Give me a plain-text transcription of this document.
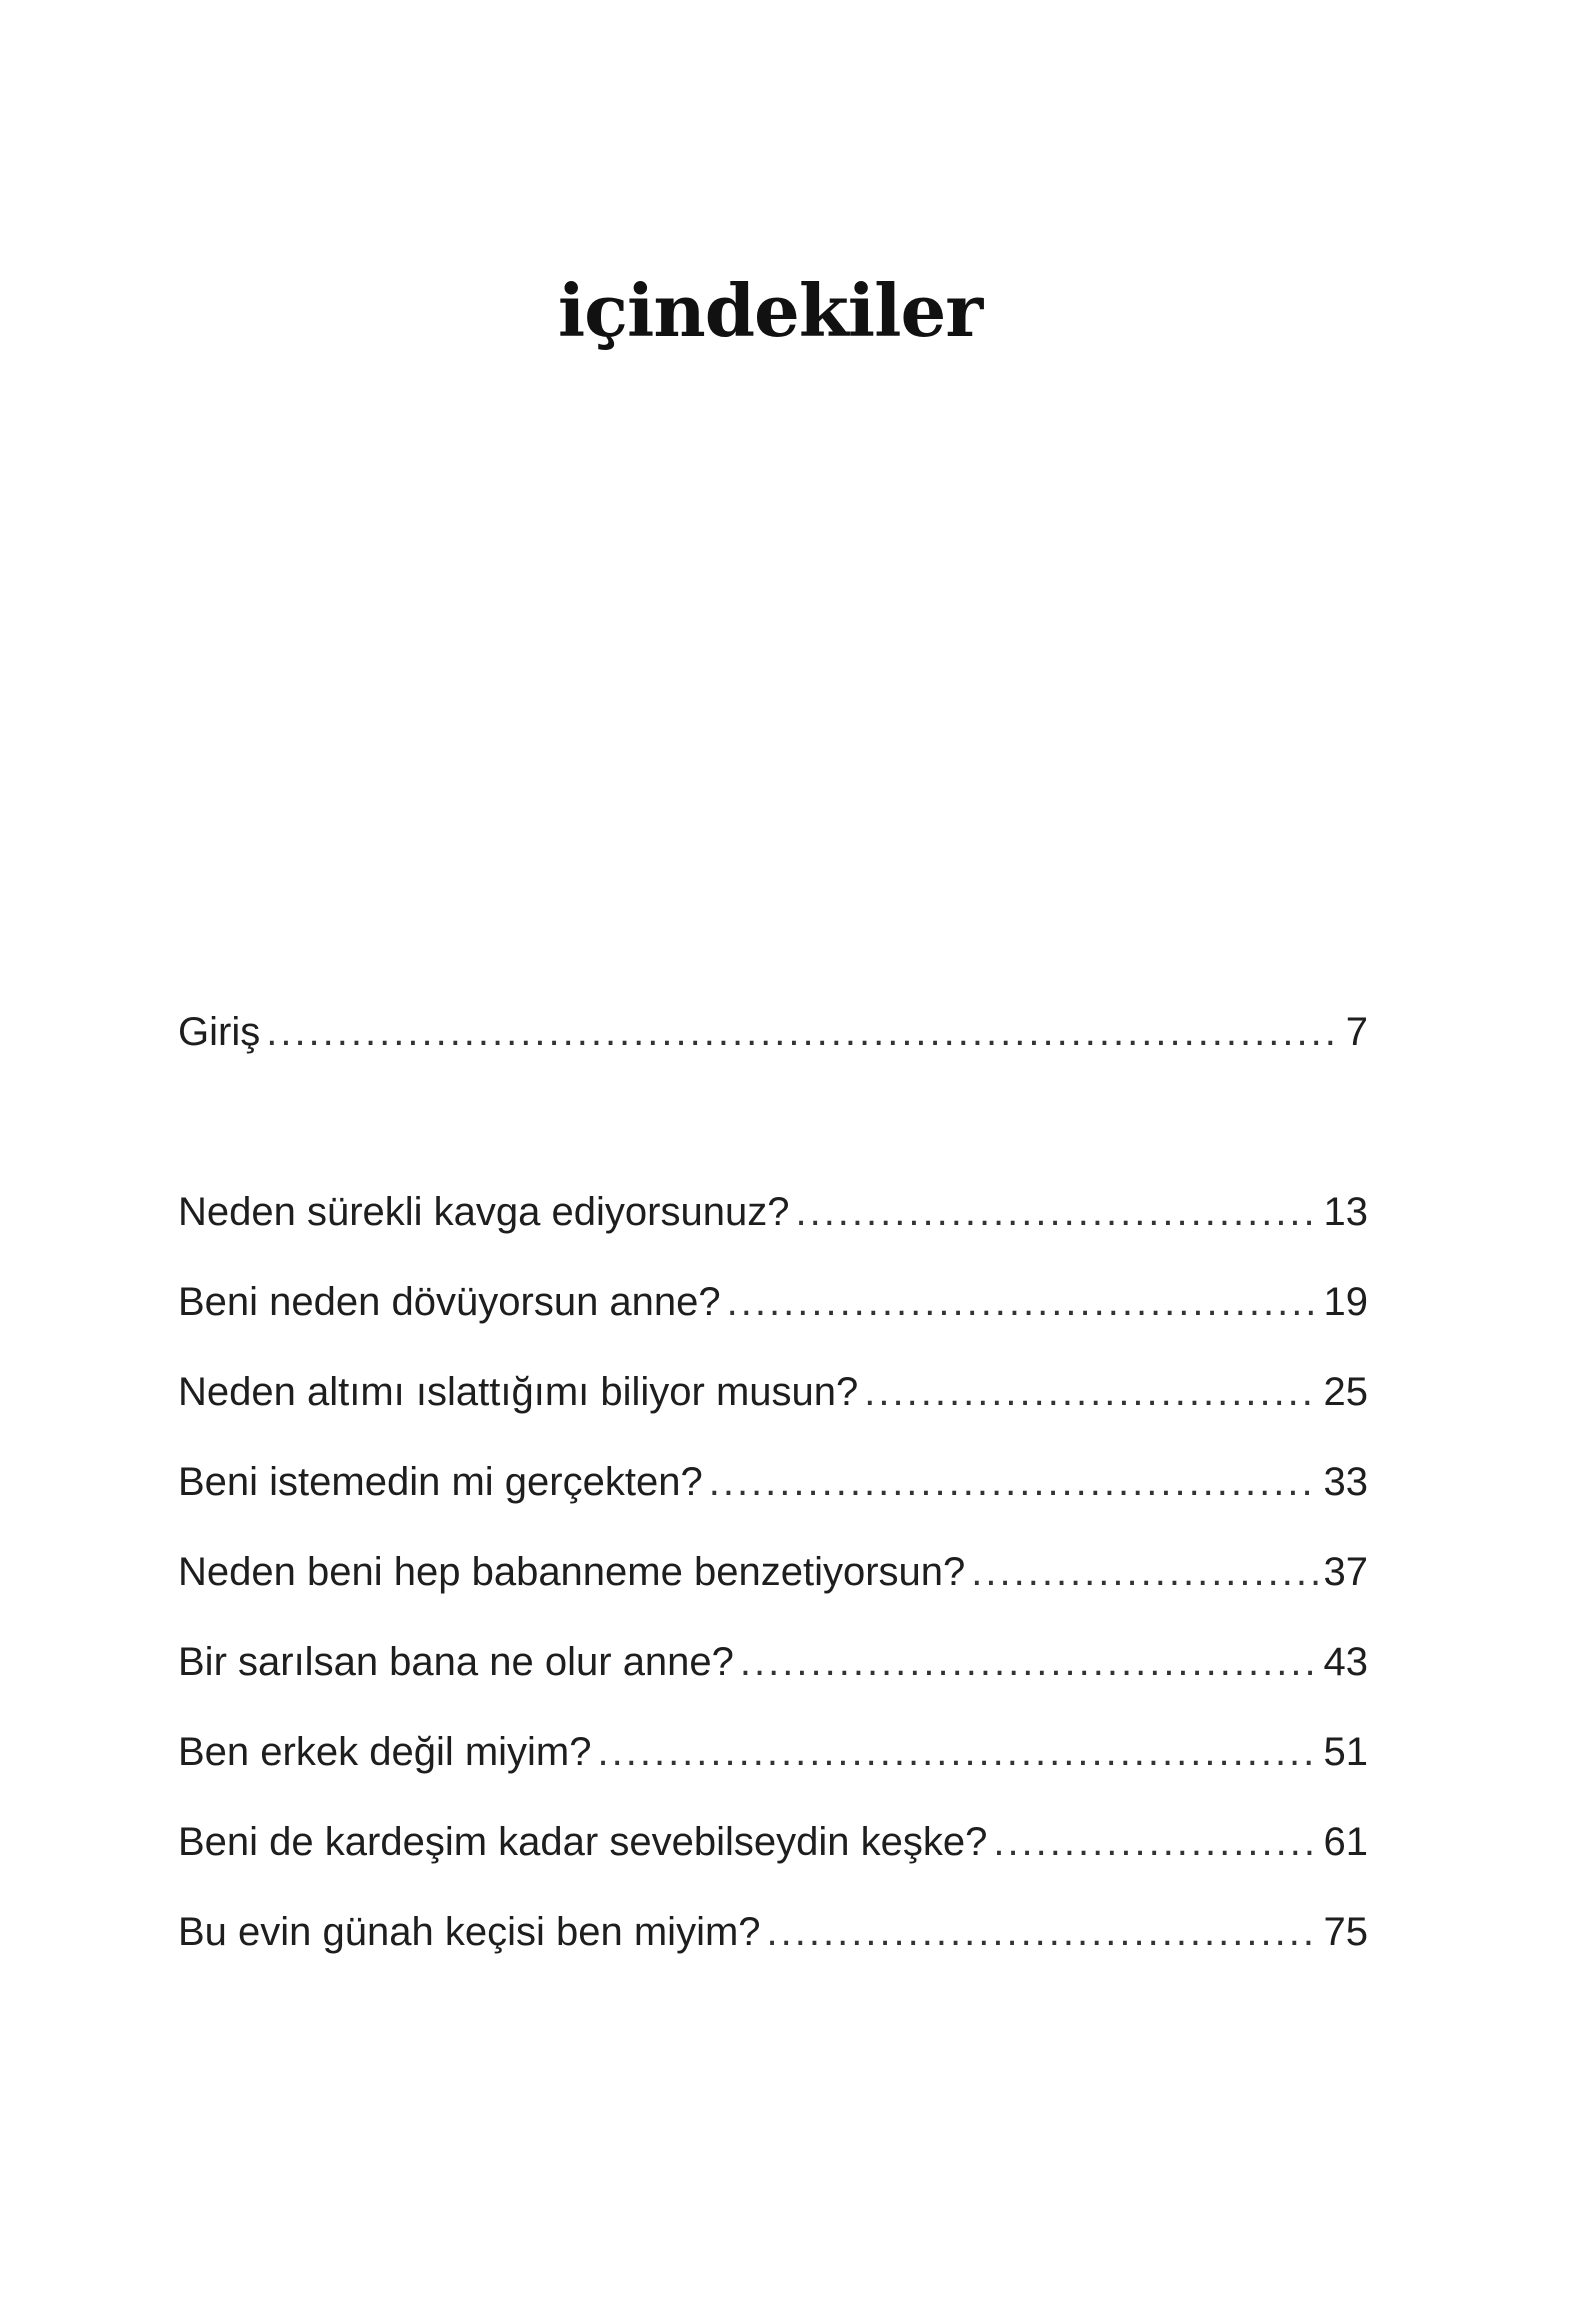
içindekiler
Giriş .....	7
Neden sürekli kavga ediyorsunuz? .....	13
Beni neden dövüyorsun anne? .....	19
Neden altımı ıslattığımı biliyor musun? .....	25
Beni istemedin mi gerçekten? .....	33
Neden beni hep babanneme benzetiyorsun? .....	37
Bir sarılsan bana ne olur anne? .....	43
Ben erkek değil miyim? .....	51
Beni de kardeşim kadar sevebilseydin keşke? .....	61
Bu evin günah keçisi ben miyim? .....	75
